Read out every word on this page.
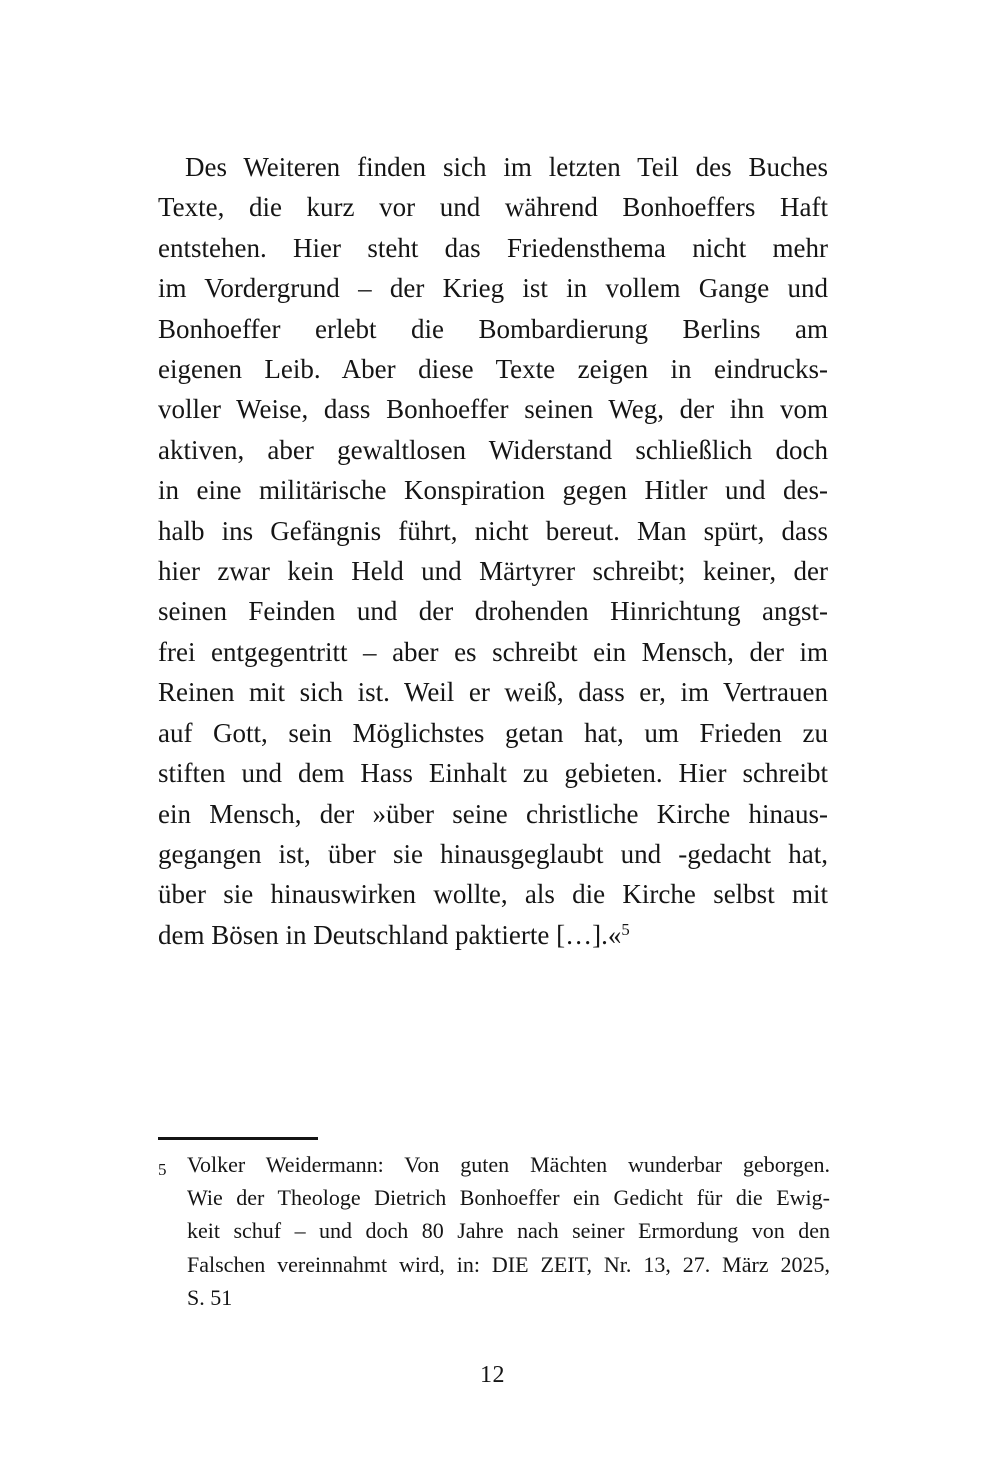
Des Weiteren finden sich im letzten Teil des Buches
Texte, die kurz vor und während Bonhoeffers Haft
entstehen. Hier steht das Friedensthema nicht mehr
im Vordergrund – der Krieg ist in vollem Gange und
Bonhoeffer erlebt die Bombardierung Berlins am
eigenen Leib. Aber diese Texte zeigen in eindrucks-
voller Weise, dass Bonhoeffer seinen Weg, der ihn vom
aktiven, aber gewaltlosen Widerstand schließlich doch
in eine militärische Konspiration gegen Hitler und des-
halb ins Gefängnis führt, nicht bereut. Man spürt, dass
hier zwar kein Held und Märtyrer schreibt; keiner, der
seinen Feinden und der drohenden Hinrichtung angst-
frei entgegentritt – aber es schreibt ein Mensch, der im
Reinen mit sich ist. Weil er weiß, dass er, im Vertrauen
auf Gott, sein Möglichstes getan hat, um Frieden zu
stiften und dem Hass Einhalt zu gebieten. Hier schreibt
ein Mensch, der »über seine christliche Kirche hinaus-
gegangen ist, über sie hinausgeglaubt und -gedacht hat,
über sie hinauswirken wollte, als die Kirche selbst mit
dem Bösen in Deutschland paktierte […].«$^5$
5 Volker Weidermann: Von guten Mächten wunderbar geborgen.
Wie der Theologe Dietrich Bonhoeffer ein Gedicht für die Ewig-
keit schuf – und doch 80 Jahre nach seiner Ermordung von den
Falschen vereinnahmt wird, in: DIE ZEIT, Nr. 13, 27. März 2025,
S. 51
12
